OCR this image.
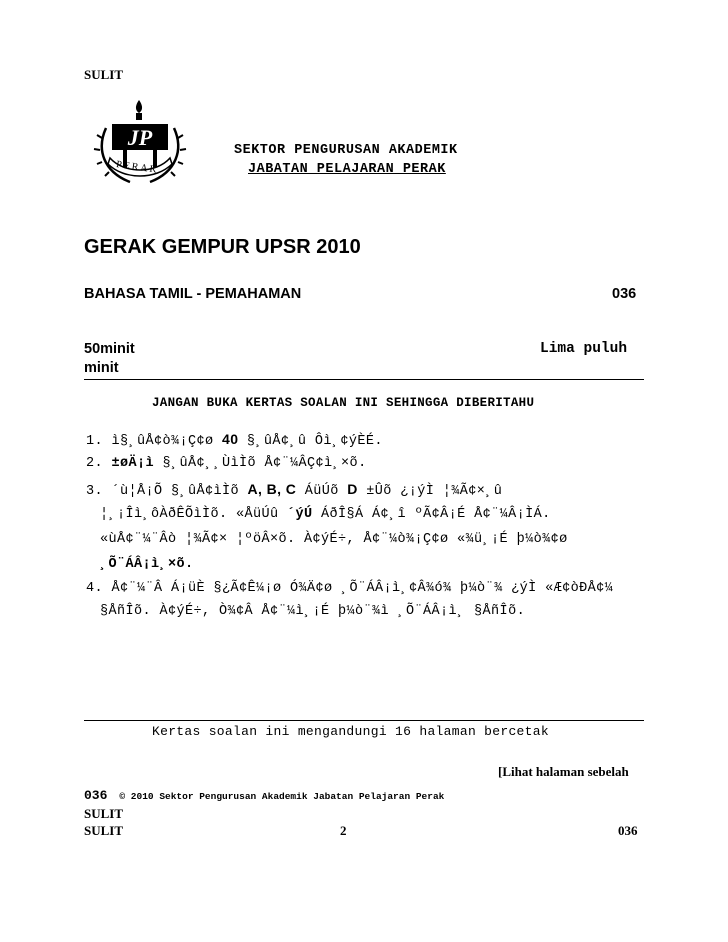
SULIT
JP
PERAK
SEKTOR PENGURUSAN AKADEMIK
JABATAN PELAJARAN PERAK
GERAK GEMPUR UPSR 2010
BAHASA TAMIL - PEMAHAMAN	036
50minit	Lima puluh
minit
JANGAN BUKA KERTAS SOALAN INI SEHINGGA DIBERITAHU
1. ì§¸ûÅ¢ò¾¡Ç¢ø 40 §¸ûÅ¢¸û Ôì¸¢ýÈÉ.
2. ±øÄ¡ì §¸ûÅ¢¸¸ÙìÌõ Å¢¨¼ÂÇ¢ì¸×õ.
3. ´ù¦Å¡Õ §¸ûÅ¢ìÌõ A, B, C ÁüÚõ D ±Ûõ ¿¡ýÌ ¦¾Ã¢×¸û
¦¸¡Îì¸ôÀðÊÕìÌõ. «ÅüÚû ´ýÚ ÁðÎ§Á Á¢¸î ºÃ¢Â¡É Å¢¨¼Â¡ÌÁ.
«ùÅ¢¨¼¨Âò ¦¾Ã¢× ¦ºöÂ×õ. À¢ýÉ÷, Å¢¨¼ò¾¡Ç¢ø «¾ü¸¡É þ¼ò¾¢ø
¸Õ¨ÁÂ¡ì¸×õ.
4. Å¢¨¼¨Â Á¡üÈ §¿Ã¢Ê¼¡ø Ó¾Ä¢ø ¸Õ¨ÁÂ¡ì¸¢Â¾ó¾ þ¼ò¨¾ ¿ýÌ «Æ¢òÐÅ¢¼
§ÅñÎõ. À¢ýÉ÷, Ò¾¢Â Å¢¨¼ì¸¡É þ¼ò¨¾ì ¸Õ¨ÁÂ¡ì¸ §ÅñÎõ.
Kertas soalan ini mengandungi 16 halaman bercetak
[Lihat halaman sebelah
036 © 2010 Sektor Pengurusan Akademik Jabatan Pelajaran Perak
SULIT
SULIT	2	036
